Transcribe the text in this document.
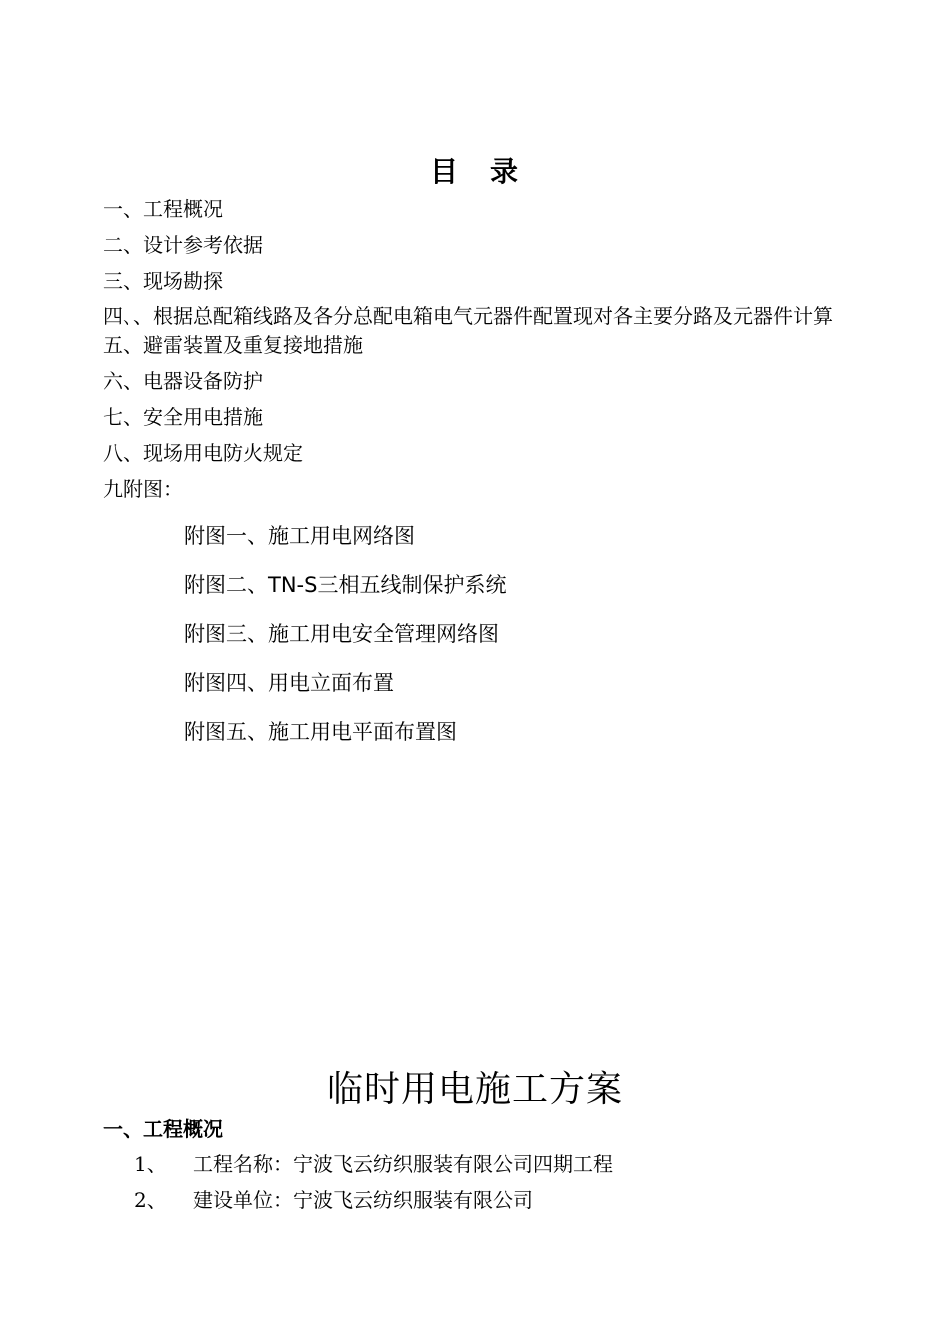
目　录
一、工程概况
二、设计参考依据
三、现场勘探
四､、根据总配箱线路及各分总配电箱电气元器件配置现对各主要分路及元器件计算
五、避雷装置及重复接地措施
六、电器设备防护
七、安全用电措施
八、现场用电防火规定
九附图：
附图一、施工用电网络图
附图二、TN-S三相五线制保护系统
附图三、施工用电安全管理网络图
附图四、用电立面布置
附图五、施工用电平面布置图
临时用电施工方案
一、工程概况
1、 工程名称：宁波飞云纺织服装有限公司四期工程
2、 建设单位：宁波飞云纺织服装有限公司
